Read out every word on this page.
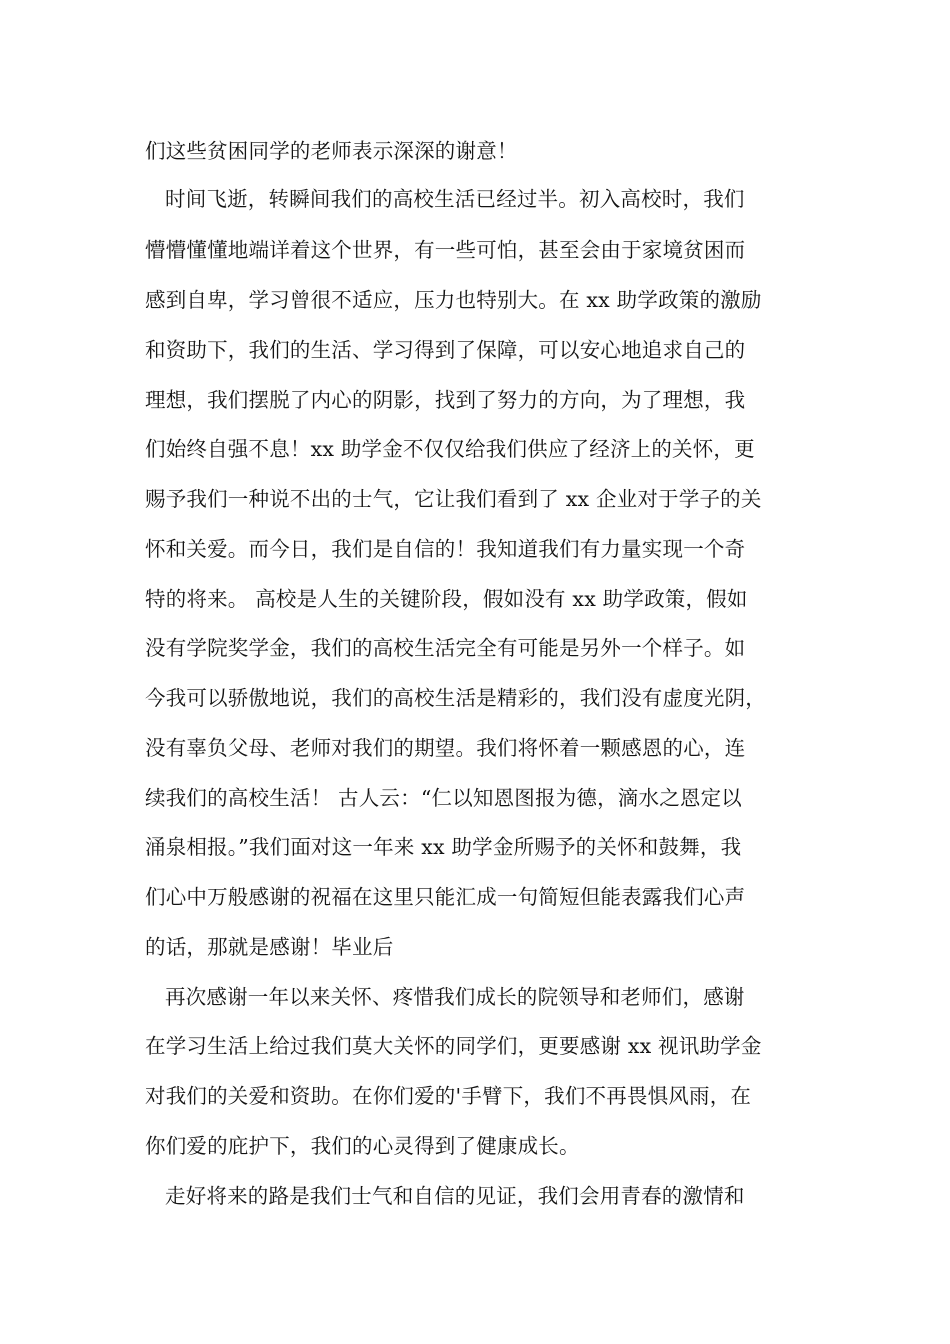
们这些贫困同学的老师表示深深的谢意！
时间飞逝，转瞬间我们的高校生活已经过半。初入高校时，我们
懵懵懂懂地端详着这个世界，有一些可怕，甚至会由于家境贫困而
感到自卑，学习曾很不适应，压力也特别大。在 xx 助学政策的激励
和资助下，我们的生活、学习得到了保障，可以安心地追求自己的
理想，我们摆脱了内心的阴影，找到了努力的方向，为了理想，我
们始终自强不息！xx 助学金不仅仅给我们供应了经济上的关怀，更
赐予我们一种说不出的士气，它让我们看到了 xx 企业对于学子的关
怀和关爱。而今日，我们是自信的！我知道我们有力量实现一个奇
特的将来。 高校是人生的关键阶段，假如没有 xx 助学政策，假如
没有学院奖学金，我们的高校生活完全有可能是另外一个样子。如
今我可以骄傲地说，我们的高校生活是精彩的，我们没有虚度光阴，
没有辜负父母、老师对我们的期望。我们将怀着一颗感恩的心，连
续我们的高校生活！ 古人云：“仁以知恩图报为德，滴水之恩定以
涌泉相报。”我们面对这一年来 xx 助学金所赐予的关怀和鼓舞，我
们心中万般感谢的祝福在这里只能汇成一句简短但能表露我们心声
的话，那就是感谢！毕业后
再次感谢一年以来关怀、疼惜我们成长的院领导和老师们，感谢
在学习生活上给过我们莫大关怀的同学们，更要感谢 xx 视讯助学金
对我们的关爱和资助。在你们爱的'手臂下，我们不再畏惧风雨，在
你们爱的庇护下，我们的心灵得到了健康成长。
走好将来的路是我们士气和自信的见证，我们会用青春的激情和
